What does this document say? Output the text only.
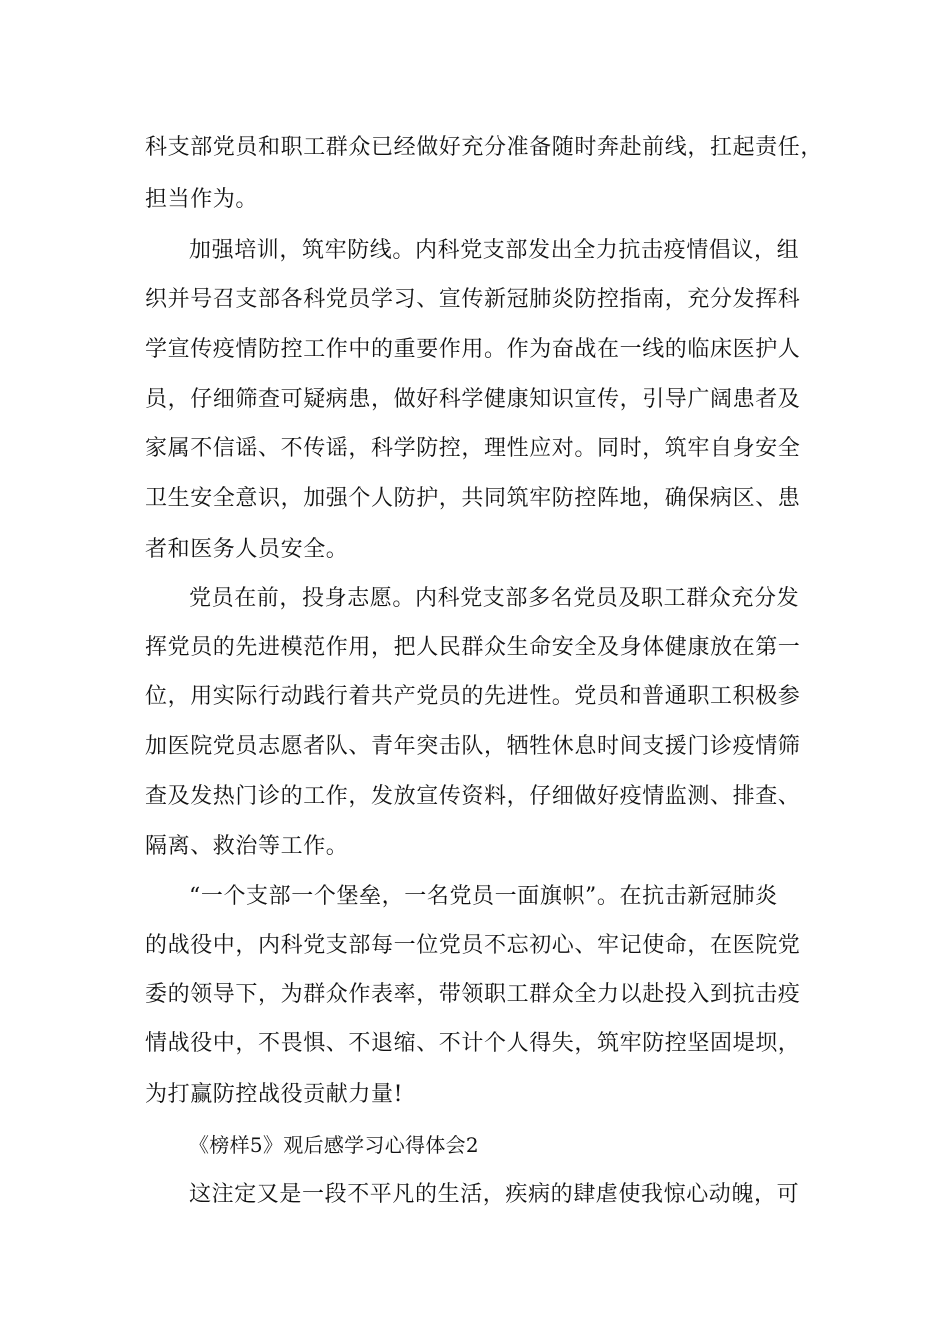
科支部党员和职工群众已经做好充分准备随时奔赴前线，扛起责任，
担当作为。
加强培训，筑牢防线。内科党支部发出全力抗击疫情倡议，组
织并号召支部各科党员学习、宣传新冠肺炎防控指南，充分发挥科
学宣传疫情防控工作中的重要作用。作为奋战在一线的临床医护人
员，仔细筛查可疑病患，做好科学健康知识宣传，引导广阔患者及
家属不信谣、不传谣，科学防控，理性应对。同时，筑牢自身安全
卫生安全意识，加强个人防护，共同筑牢防控阵地，确保病区、患
者和医务人员安全。
党员在前，投身志愿。内科党支部多名党员及职工群众充分发
挥党员的先进模范作用，把人民群众生命安全及身体健康放在第一
位，用实际行动践行着共产党员的先进性。党员和普通职工积极参
加医院党员志愿者队、青年突击队，牺牲休息时间支援门诊疫情筛
查及发热门诊的工作，发放宣传资料，仔细做好疫情监测、排查、
隔离、救治等工作。
“一个支部一个堡垒，一名党员一面旗帜”。在抗击新冠肺炎
的战役中，内科党支部每一位党员不忘初心、牢记使命，在医院党
委的领导下，为群众作表率，带领职工群众全力以赴投入到抗击疫
情战役中，不畏惧、不退缩、不计个人得失，筑牢防控坚固堤坝，
为打赢防控战役贡献力量!
《榜样5》观后感学习心得体会2
这注定又是一段不平凡的生活，疾病的肆虐使我惊心动魄，可
